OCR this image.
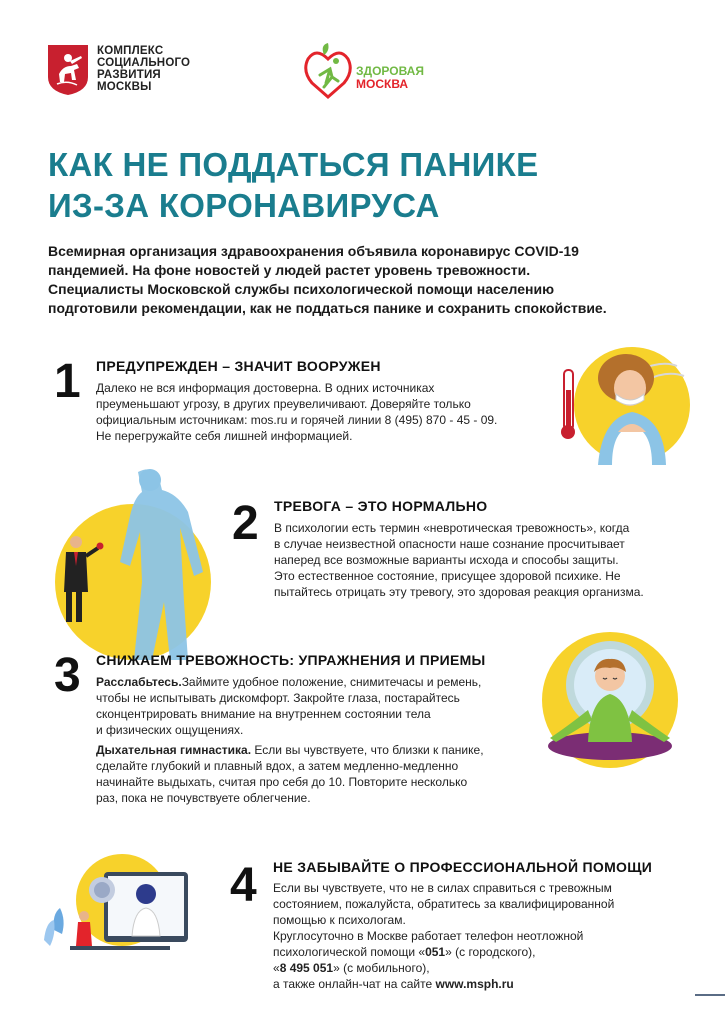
КОМПЛЕКС
СОЦИАЛЬНОГО
РАЗВИТИЯ
МОСКВЫ
ЗДОРОВАЯ
МОСКВА
КАК НЕ ПОДДАТЬСЯ ПАНИКЕ
ИЗ-ЗА КОРОНАВИРУСА
Всемирная организация здравоохранения объявила коронавирус COVID-19
пандемией. На фоне новостей у людей растет уровень тревожности.
Специалисты Московской службы психологической помощи населению
подготовили рекомендации, как не поддаться панике и сохранить спокойствие.
1 ПРЕДУПРЕЖДЕН – ЗНАЧИТ ВООРУЖЕН
Далеко не вся информация достоверна. В одних источниках
преуменьшают угрозу, в других преувеличивают. Доверяйте только
официальным источникам: mos.ru и горячей линии 8 (495) 870 - 45 - 09.
Не перегружайте себя лишней информацией.
2 ТРЕВОГА – ЭТО НОРМАЛЬНО
В психологии есть термин «невротическая тревожность», когда
в случае неизвестной опасности наше сознание просчитывает
наперед все возможные варианты исхода и способы защиты.
Это естественное состояние, присущее здоровой психике. Не
пытайтесь отрицать эту тревогу, это здоровая реакция организма.
3 СНИЖАЕМ ТРЕВОЖНОСТЬ: УПРАЖНЕНИЯ И ПРИЕМЫ
Расслабьтесь.Займите удобное положение, снимитечасы и ремень,
чтобы не испытывать дискомфорт. Закройте глаза, постарайтесь
сконцентрировать внимание на внутреннем состоянии тела
и физических ощущениях.
Дыхательная гимнастика. Если вы чувствуете, что близки к панике,
сделайте глубокий и плавный вдох, а затем медленно-медленно
начинайте выдыхать, считая про себя до 10. Повторите несколько
раз, пока не почувствуете облегчение.
4 НЕ ЗАБЫВАЙТЕ О ПРОФЕССИОНАЛЬНОЙ ПОМОЩИ
Если вы чувствуете, что не в силах справиться с тревожным
состоянием, пожалуйста, обратитесь за квалифицированной
помощью к психологам.
Круглосуточно в Москве работает телефон неотложной
психологической помощи «051» (с городского),
«8 495 051» (с мобильного),
а также онлайн-чат на сайте www.msph.ru
